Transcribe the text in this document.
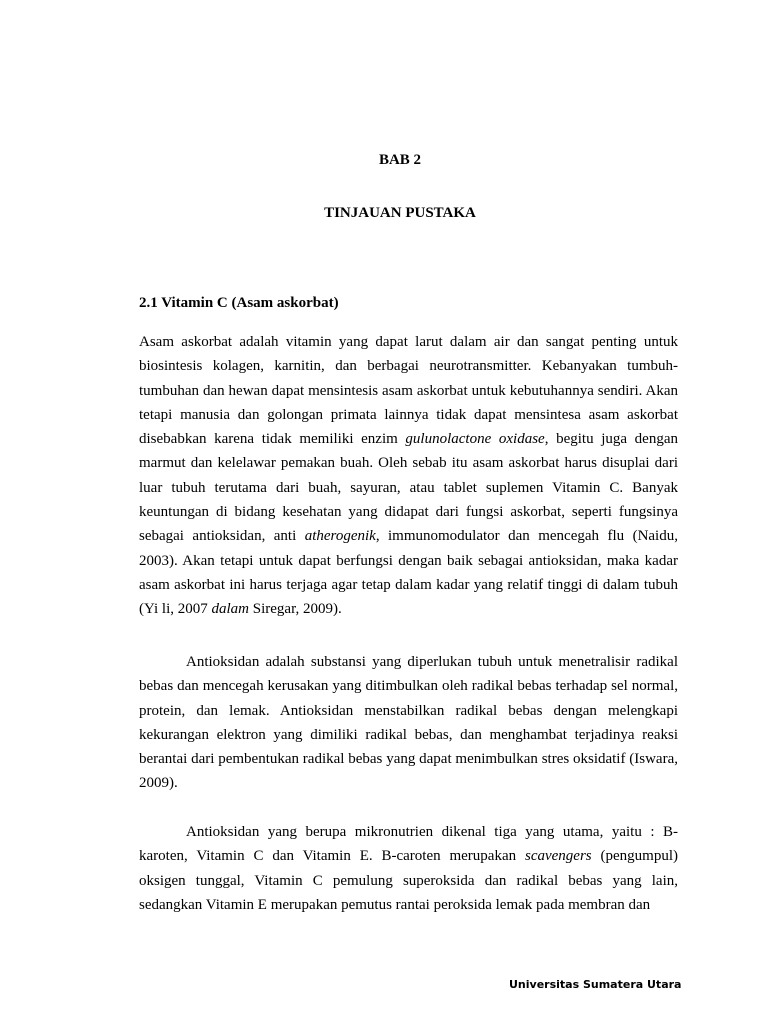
BAB 2
TINJAUAN PUSTAKA
2.1 Vitamin C (Asam askorbat)

Asam askorbat adalah vitamin yang dapat larut dalam air dan sangat penting untuk biosintesis kolagen, karnitin, dan berbagai neurotransmitter. Kebanyakan tumbuh-tumbuhan dan hewan dapat mensintesis asam askorbat untuk kebutuhannya sendiri. Akan tetapi manusia dan golongan primata lainnya tidak dapat mensintesa asam askorbat disebabkan karena tidak memiliki enzim gulunolactone oxidase, begitu juga dengan marmut dan kelelawar pemakan buah. Oleh sebab itu asam askorbat harus disuplai dari luar tubuh terutama dari buah, sayuran, atau tablet suplemen Vitamin C. Banyak keuntungan di bidang kesehatan yang didapat dari fungsi askorbat, seperti fungsinya sebagai antioksidan, anti atherogenik, immunomodulator dan mencegah flu (Naidu, 2003). Akan tetapi untuk dapat berfungsi dengan baik sebagai antioksidan, maka kadar asam askorbat ini harus terjaga agar tetap dalam kadar yang relatif tinggi di dalam tubuh (Yi li, 2007 dalam Siregar, 2009).

Antioksidan adalah substansi yang diperlukan tubuh untuk menetralisir radikal bebas dan mencegah kerusakan yang ditimbulkan oleh radikal bebas terhadap sel normal, protein, dan lemak. Antioksidan menstabilkan radikal bebas dengan melengkapi kekurangan elektron yang dimiliki radikal bebas, dan menghambat terjadinya reaksi berantai dari pembentukan radikal bebas yang dapat menimbulkan stres oksidatif (Iswara, 2009).

Antioksidan yang berupa mikronutrien dikenal tiga yang utama, yaitu : B-karoten, Vitamin C dan Vitamin E. B-caroten merupakan scavengers (pengumpul) oksigen tunggal, Vitamin C pemulung superoksida dan radikal bebas yang lain, sedangkan Vitamin E merupakan pemutus rantai peroksida lemak pada membran dan

Universitas Sumatera Utara
